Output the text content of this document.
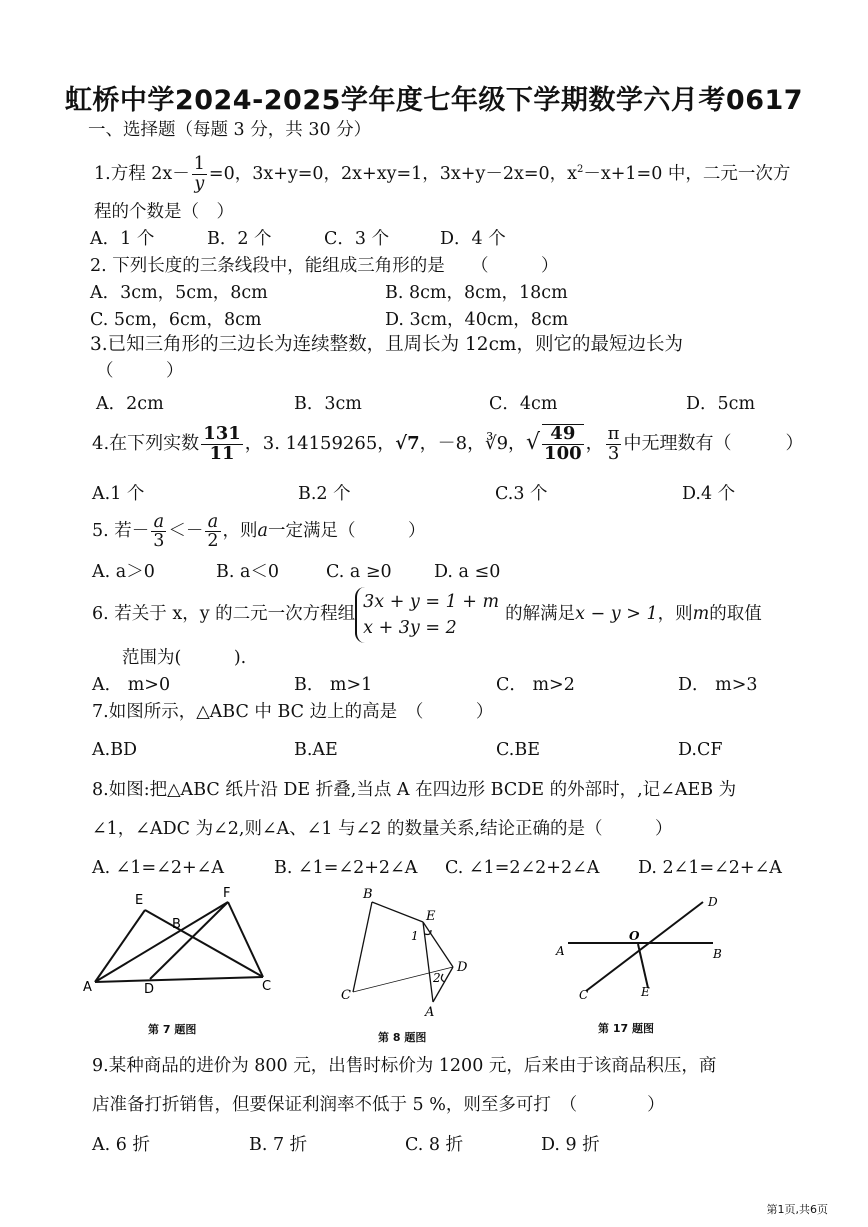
虹桥中学2024-2025学年度七年级下学期数学六月考0617
一、选择题（每题 3 分，共 30 分）
1.方程 $2x- \frac{1}{y} =0$，3x+y=0，2x+xy=1，3x+y－2x=0，$x^2-x+1=0$ 中，二元一次方
程的个数是（　）
A．1 个	B．2 个	C．3 个	D．4 个
2. 下列长度的三条线段中，能组成三角形的是　　（　　　）
A．3cm，5cm，8cm	B. 8cm，8cm，18cm
C. 5cm，6cm，8cm	D. 3cm，40cm，8cm
3.已知三角形的三边长为连续整数，且周长为 12cm，则它的最短边长为
（　　　）
A．2cm	B．3cm	C．4cm	D．5cm
4.在下列实数 $\frac{131}{11}$ ，3. 14159265，√7，－8，∛9，√ $\frac{49}{100}$ ， $\frac{\pi}{3}$ 中无理数有（　　　）
A.1 个	B.2 个	C.3 个	D.4 个
5. 若－ $\frac{a}{3} <- \frac{a}{2}$ ，则a一定满足（　　　）
A. a＞0	B. a＜0	C. a ≥0 D. a ≤0
6. 若关于 x，y 的二元一次方程组
3x + y = 1 + m
x + 3y = 2
的解满足x − y > 1，则m的取值
范围为(　　　).
A． m>0	B． m>1	C． m>2	D． m>3
7.如图所示，△ABC 中 BC 边上的高是　（　　　）
A.BD	B.AE	C.BE	D.CF
8.如图:把△ABC 纸片沿 DE 折叠,当点 A 在四边形 BCDE 的外部时，,记∠AEB 为
∠1，∠ADC 为∠2,则∠A、∠1 与∠2 的数量关系,结论正确的是（　　　）
A. ∠1=∠2+∠A	B. ∠1=∠2+2∠A C. ∠1=2∠2+2∠A D. 2∠1=∠2+∠A
E	F
B
A	D	C
第 7 题图
B
E
1
C
2
D
A
第 8 题图
D
A
O
B
C	E
第 17 题图
9.某种商品的进价为 800 元，出售时标价为 1200 元，后来由于该商品积压，商
店准备打折销售，但要保证利润率不低于 5 %，则至多可打　（　　　　）
A. 6 折	B. 7 折	C. 8 折	D. 9 折
第1页,共6页
